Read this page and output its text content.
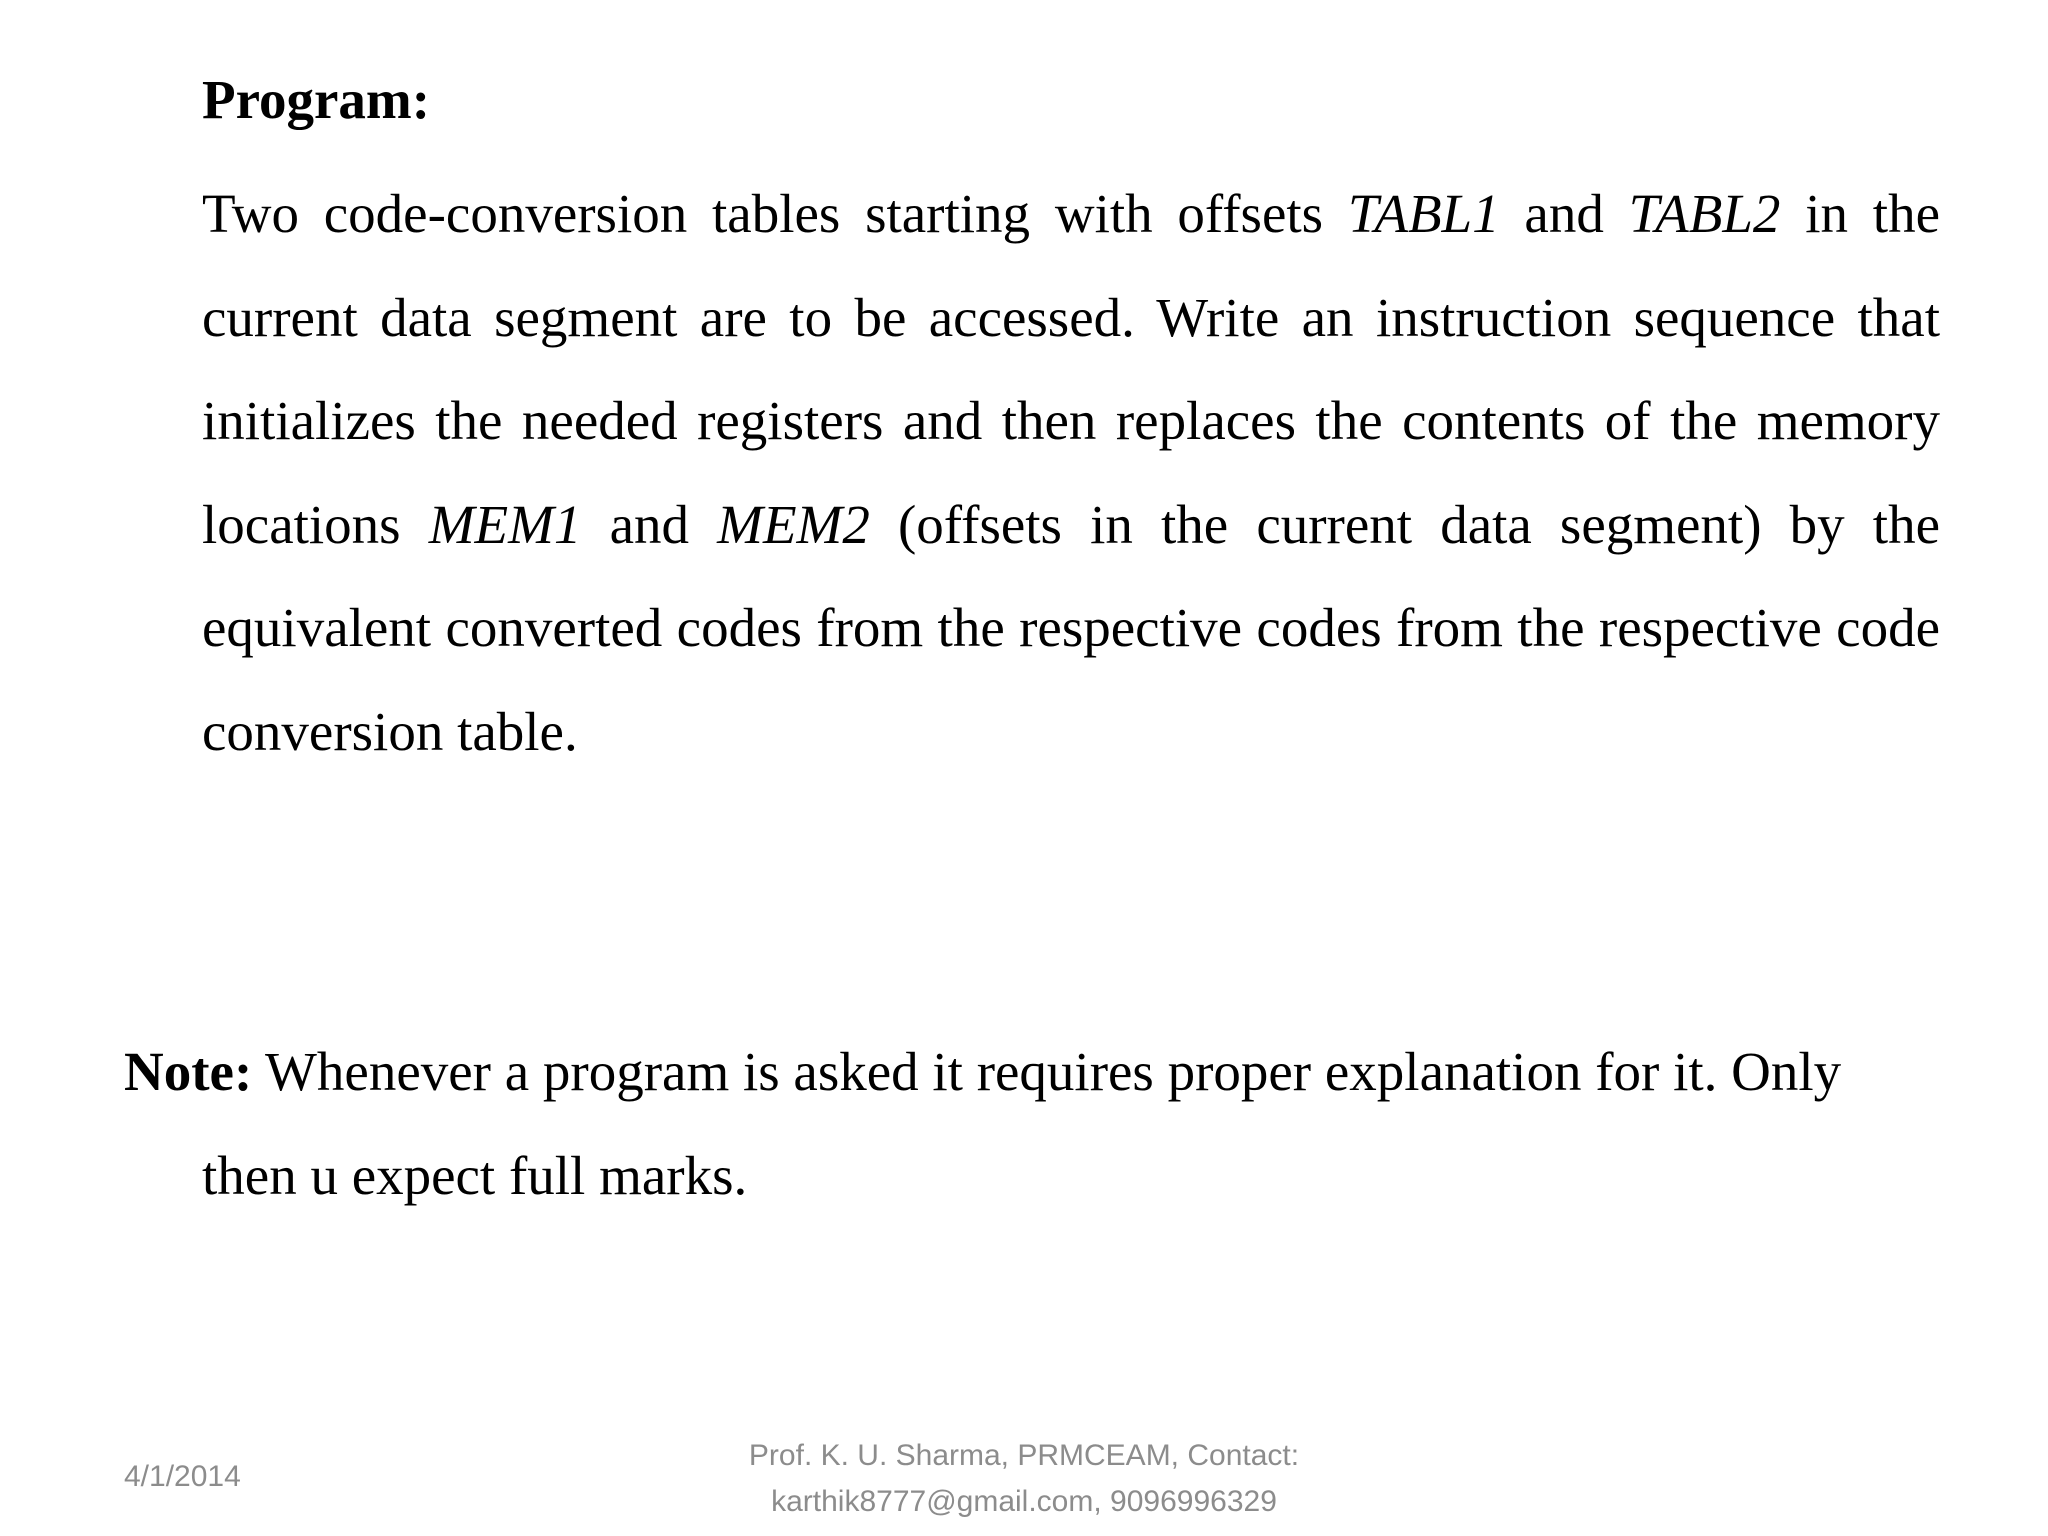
Program:

Two code-conversion tables starting with offsets TABL1 and TABL2 in the current data segment are to be accessed. Write an instruction sequence that initializes the needed registers and then replaces the contents of the memory locations MEM1 and MEM2 (offsets in the current data segment) by the equivalent converted codes from the respective codes from the respective code conversion table.

Note: Whenever a program is asked it requires proper explanation for it. Only then u expect full marks.

4/1/2014
Prof. K. U. Sharma, PRMCEAM, Contact:
karthik8777@gmail.com, 9096996329
